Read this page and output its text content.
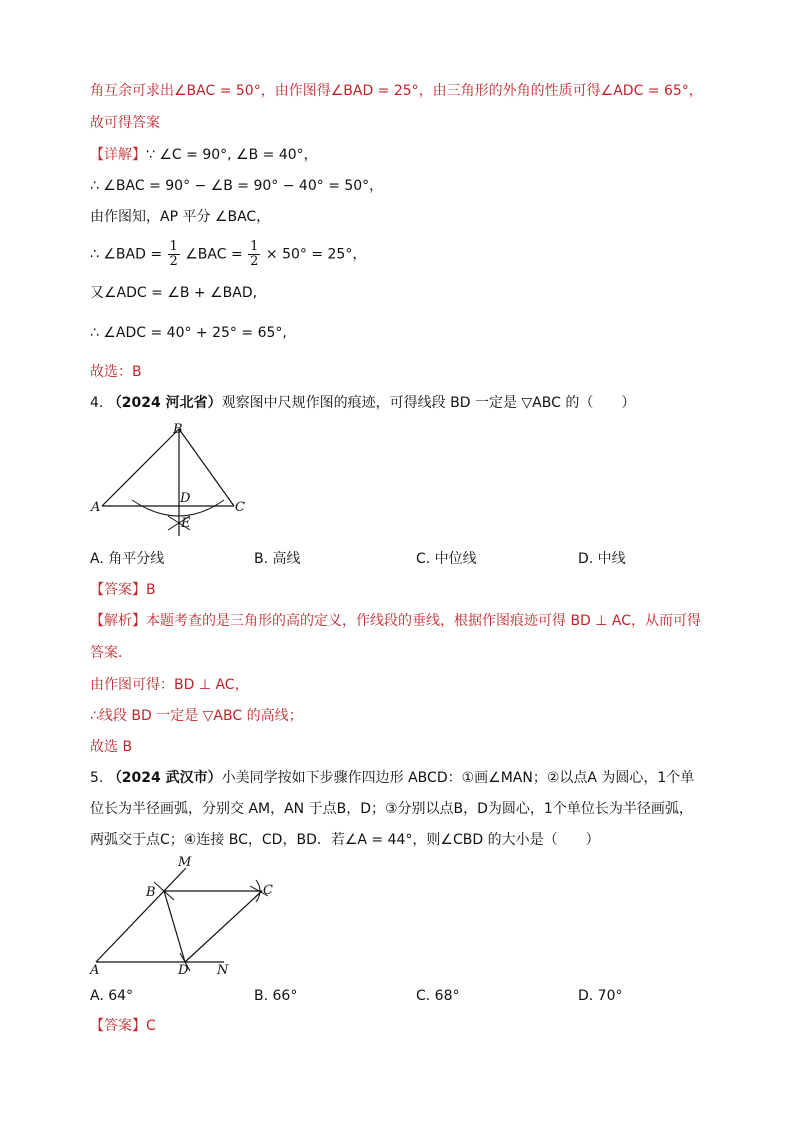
角互余可求出∠BAC = 50°，由作图得∠BAD = 25°，由三角形的外角的性质可得∠ADC = 65°，
故可得答案
【详解】∵ ∠C = 90°, ∠B = 40°，
∴ ∠BAC = 90° − ∠B = 90° − 40° = 50°，
由作图知，AP 平分 ∠BAC，
∴ ∠BAD = $\frac{1}{2}$ ∠BAC = $\frac{1}{2} \times 50^\circ = 25^\circ$，
又∠ADC = ∠B + ∠BAD,
∴ ∠ADC = 40° + 25° = 65°,
故选：B
4. （2024 河北省）观察图中尺规作图的痕迹，可得线段 BD 一定是 ▽ABC 的（　　）
B
A	C
D
E
A. 角平分线	B. 高线	C. 中位线	D. 中线
【答案】B
【解析】本题考查的是三角形的高的定义，作线段的垂线，根据作图痕迹可得 BD ⊥ AC，从而可得
答案．
由作图可得：BD ⊥ AC，
∴线段 BD 一定是 ▽ABC 的高线；
故选 B
5. （2024 武汉市）小美同学按如下步骤作四边形 ABCD：①画∠MAN；②以点A 为圆心，1个单
位长为半径画弧，分别交 AM，AN 于点B，D；③分别以点B，D为圆心，1个单位长为半径画弧，
两弧交于点C；④连接 BC，CD，BD．若∠A = 44°，则∠CBD 的大小是（　　）
M
B	C
A	D N
A. 64°	B. 66°	C. 68°	D. 70°
【答案】C
